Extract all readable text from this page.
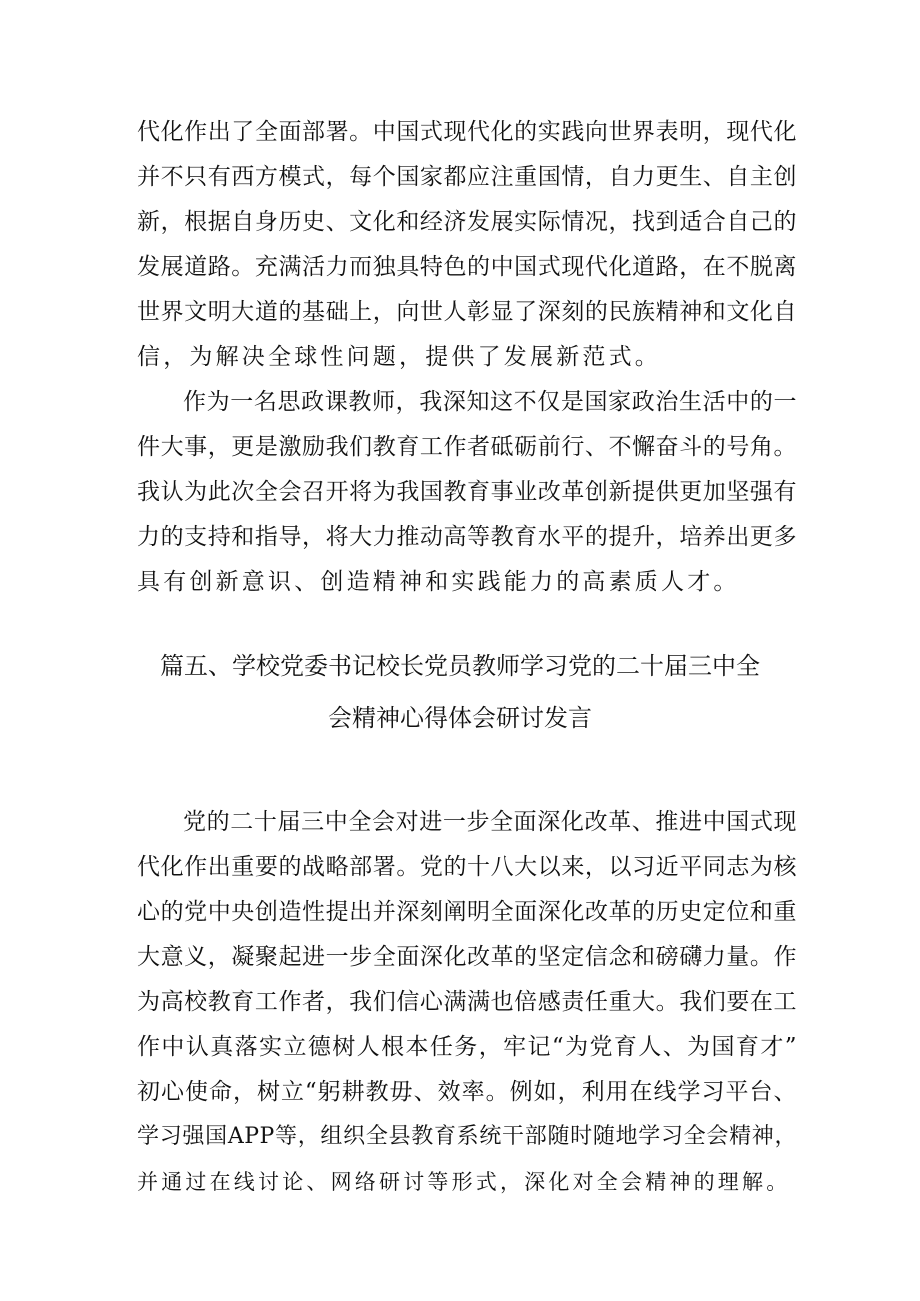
代化作出了全面部署。中国式现代化的实践向世界表明，现代化
并不只有西方模式，每个国家都应注重国情，自力更生、自主创
新，根据自身历史、文化和经济发展实际情况，找到适合自己的
发展道路。充满活力而独具特色的中国式现代化道路，在不脱离
世界文明大道的基础上，向世人彰显了深刻的民族精神和文化自
信，为解决全球性问题，提供了发展新范式。
作为一名思政课教师，我深知这不仅是国家政治生活中的一
件大事，更是激励我们教育工作者砥砺前行、不懈奋斗的号角。
我认为此次全会召开将为我国教育事业改革创新提供更加坚强有
力的支持和指导，将大力推动高等教育水平的提升，培养出更多
具有创新意识、创造精神和实践能力的高素质人才。
篇五、学校党委书记校长党员教师学习党的二十届三中全
会精神心得体会研讨发言
党的二十届三中全会对进一步全面深化改革、推进中国式现
代化作出重要的战略部署。党的十八大以来，以习近平同志为核
心的党中央创造性提出并深刻阐明全面深化改革的历史定位和重
大意义，凝聚起进一步全面深化改革的坚定信念和磅礴力量。作
为高校教育工作者，我们信心满满也倍感责任重大。我们要在工
作中认真落实立德树人根本任务，牢记“为党育人、为国育才”
初心使命，树立“躬耕教毋、效率。例如，利用在线学习平台、
学习强国APP等，组织全县教育系统干部随时随地学习全会精神，
并通过在线讨论、网络研讨等形式，深化对全会精神的理解。
